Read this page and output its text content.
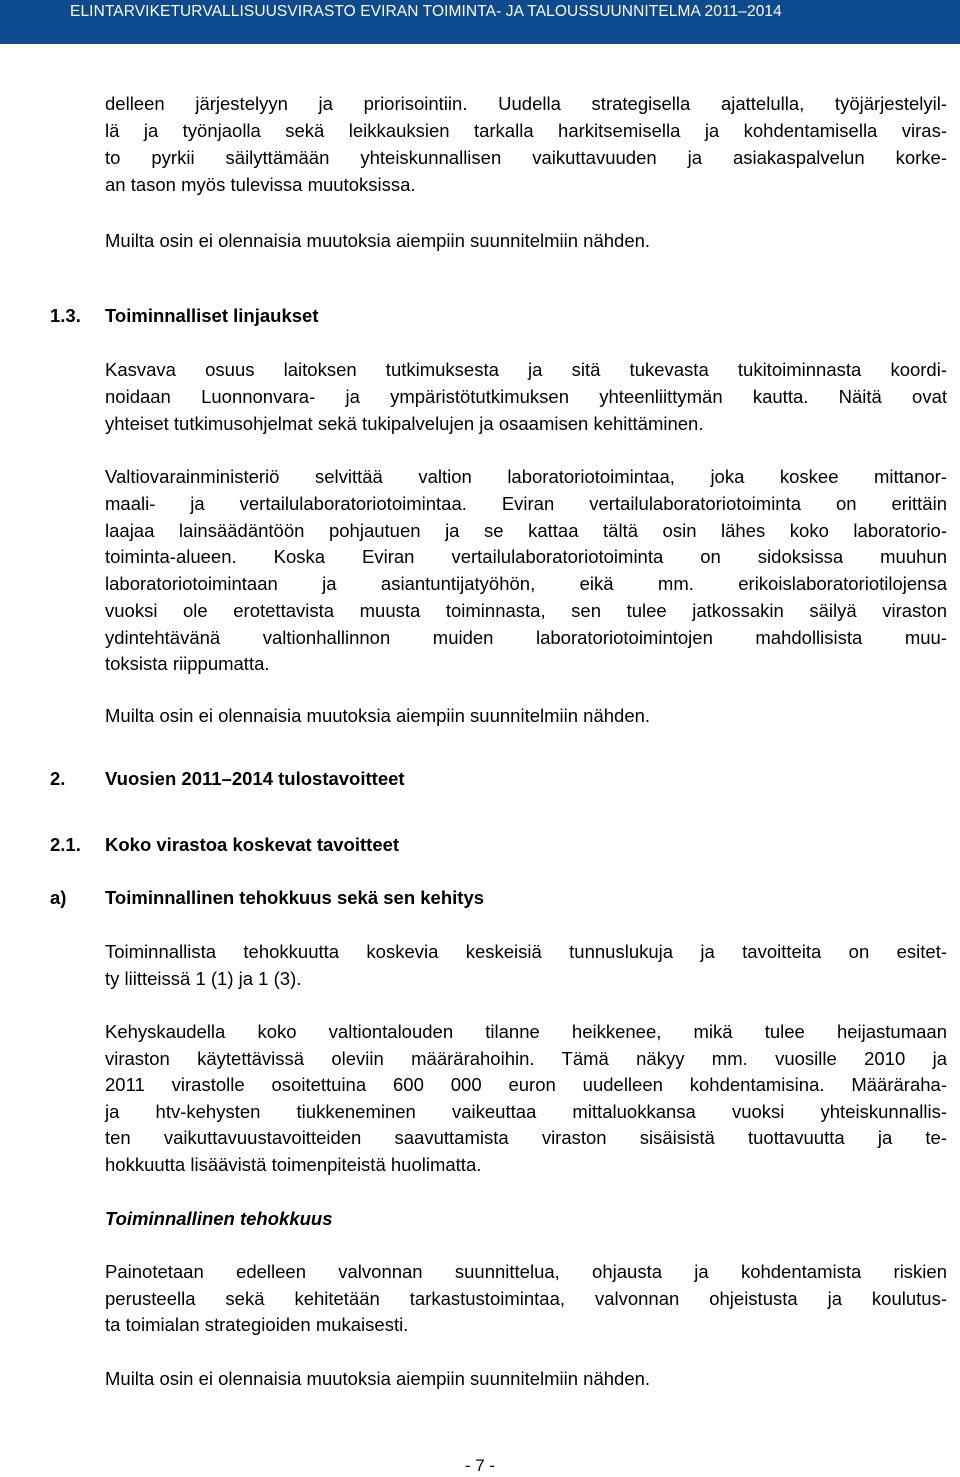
ELINTARVIKETURVALLISUUSVIRASTO EVIRAN TOIMINTA- JA TALOUSSUUNNITELMA 2011–2014

delleen järjestelyyn ja priorisointiin. Uudella strategisella ajattelulla, työjärjestelyil-

lä ja työnjaolla sekä leikkauksien tarkalla harkitsemisella ja kohdentamisella viras-

to pyrkii säilyttämään yhteiskunnallisen vaikuttavuuden ja asiakaspalvelun korke-

an tason myös tulevissa muutoksissa.

Muilta osin ei olennaisia muutoksia aiempiin suunnitelmiin nähden.

1.3. Toiminnalliset linjaukset

Kasvava osuus laitoksen tutkimuksesta ja sitä tukevasta tukitoiminnasta koordi-

noidaan Luonnonvara- ja ympäristötutkimuksen yhteenliittymän kautta. Näitä ovat

yhteiset tutkimusohjelmat sekä tukipalvelujen ja osaamisen kehittäminen.

Valtiovarainministeriö selvittää valtion laboratoriotoimintaa, joka koskee mittanor-

maali- ja vertailulaboratoriotoimintaa. Eviran vertailulaboratoriotoiminta on erittäin

laajaa lainsäädäntöön pohjautuen ja se kattaa tältä osin lähes koko laboratorio-

toiminta-alueen. Koska Eviran vertailulaboratoriotoiminta on sidoksissa muuhun

laboratoriotoimintaan ja asiantuntijatyöhön, eikä mm. erikoislaboratoriotilojensa

vuoksi ole erotettavista muusta toiminnasta, sen tulee jatkossakin säilyä viraston

ydintehtävänä valtionhallinnon muiden laboratoriotoimintojen mahdollisista muu-

toksista riippumatta.

Muilta osin ei olennaisia muutoksia aiempiin suunnitelmiin nähden.

2. Vuosien 2011–2014 tulostavoitteet
2.1. Koko virastoa koskevat tavoitteet
a) Toiminnallinen tehokkuus sekä sen kehitys

Toiminnallista tehokkuutta koskevia keskeisiä tunnuslukuja ja tavoitteita on esitet-

ty liitteissä 1 (1) ja 1 (3).

Kehyskaudella koko valtiontalouden tilanne heikkenee, mikä tulee heijastumaan

viraston käytettävissä oleviin määrärahoihin. Tämä näkyy mm. vuosille 2010 ja

2011 virastolle osoitettuina 600 000 euron uudelleen kohdentamisina. Määräraha-

ja htv-kehysten tiukkeneminen vaikeuttaa mittaluokkansa vuoksi yhteiskunnallis-

ten vaikuttavuustavoitteiden saavuttamista viraston sisäisistä tuottavuutta ja te-

hokkuutta lisäävistä toimenpiteistä huolimatta.

Toiminnallinen tehokkuus

Painotetaan edelleen valvonnan suunnittelua, ohjausta ja kohdentamista riskien

perusteella sekä kehitetään tarkastustoimintaa, valvonnan ohjeistusta ja koulutus-

ta toimialan strategioiden mukaisesti.

Muilta osin ei olennaisia muutoksia aiempiin suunnitelmiin nähden.

- 7 -
